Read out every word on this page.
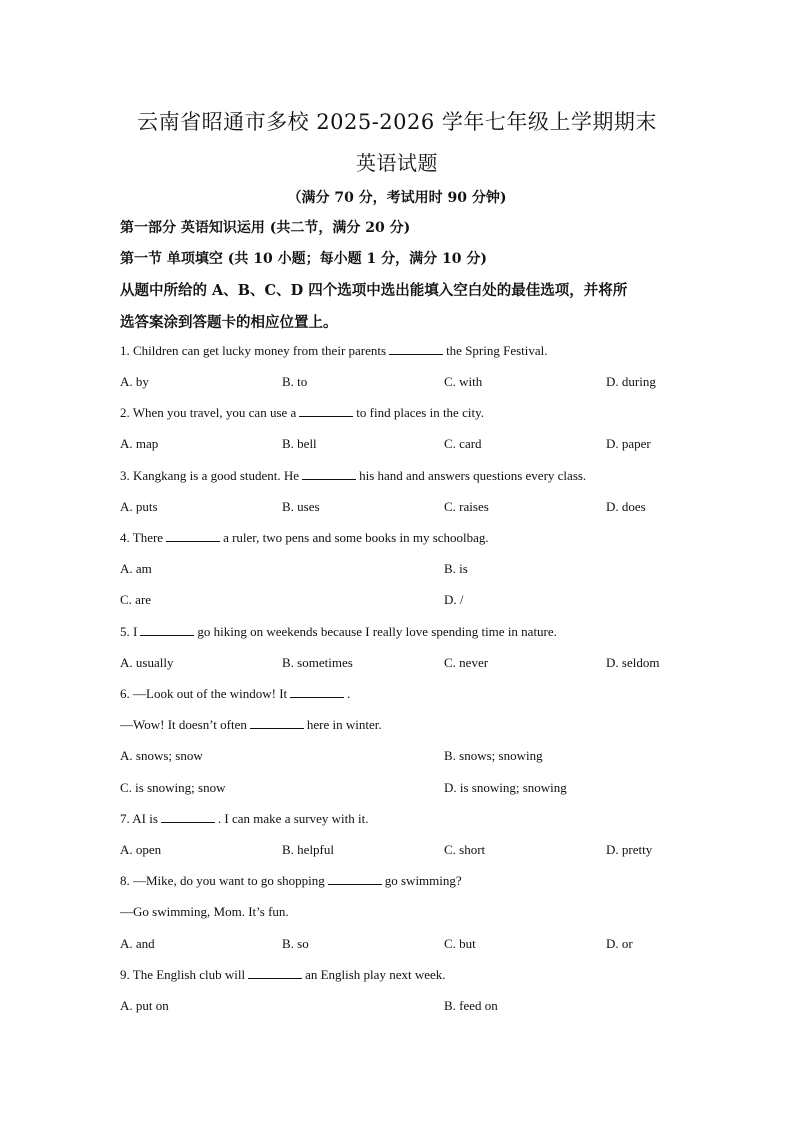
云南省昭通市多校 2025-2026 学年七年级上学期期末
英语试题
（满分 70 分，考试用时 90 分钟)
第一部分 英语知识运用 (共二节，满分 20 分)
第一节 单项填空 (共 10 小题；每小题 1 分，满分 10 分)
从题中所给的 A、B、C、D 四个选项中选出能填入空白处的最佳选项，并将所
选答案涂到答题卡的相应位置上。
1. Children can get lucky money from their parents	the Spring Festival.
A. by	B. to	C. with	D. during
2. When you travel, you can use a	to find places in the city.
A. map	B. bell	C. card	D. paper
3. Kangkang is a good student. He	his hand and answers questions every class.
A. puts	B. uses	C. raises	D. does
4. There	a ruler, two pens and some books in my schoolbag.
A. am	B. is
C. are	D. /
5. I	go hiking on weekends because I really love spending time in nature.
A. usually	B. sometimes	C. never	D. seldom
6. —Look out of the window! It	.
—Wow! It doesn’t often	here in winter.
A. snows; snow	B. snows; snowing
C. is snowing; snow	D. is snowing; snowing
7. AI is	. I can make a survey with it.
A. open	B. helpful	C. short	D. pretty
8. —Mike, do you want to go shopping	go swimming?
—Go swimming, Mom. It’s fun.
A. and	B. so	C. but	D. or
9. The English club will	an English play next week.
A. put on	B. feed on
